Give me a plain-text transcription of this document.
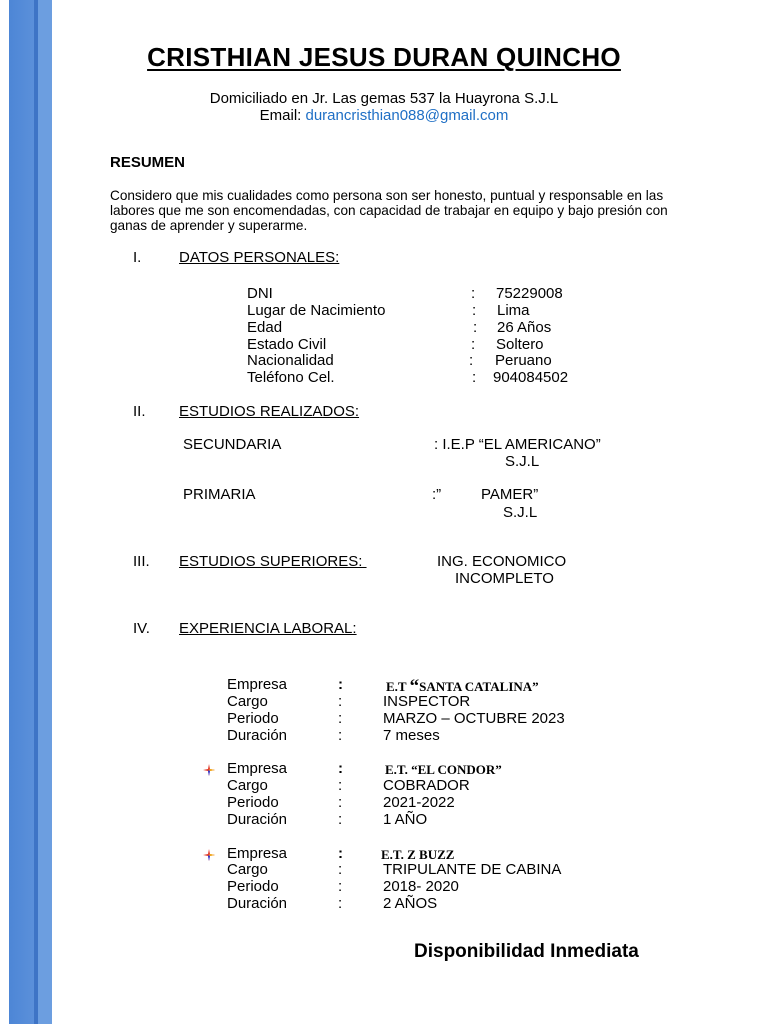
CRISTHIAN JESUS DURAN QUINCHO
Domiciliado en Jr. Las gemas 537 la Huayrona S.J.L
Email: durancristhian088@gmail.com
RESUMEN
Considero que mis cualidades como persona son ser honesto, puntual y responsable en las labores que me son encomendadas, con capacidad de trabajar en equipo y bajo presión con ganas de aprender y superarme.
I.	DATOS PERSONALES:
DNI	: 75229008
Lugar de Nacimiento	: Lima
Edad	: 26 Años
Estado Civil	: Soltero
Nacionalidad	: Peruano
Teléfono Cel.	: 904084502
II. ESTUDIOS REALIZADOS:
SECUNDARIA	: I.E.P “EL AMERICANO”
S.J.L
PRIMARIA	:”	PAMER”
S.J.L
III. ESTUDIOS SUPERIORES:	ING. ECONOMICO
INCOMPLETO
IV. EXPERIENCIA LABORAL:
Empresa	:	E.T “SANTA CATALINA”
Cargo	:	INSPECTOR
Periodo	:	MARZO – OCTUBRE 2023
Duración	:	7 meses
Empresa	:	E.T. “EL CONDOR”
Cargo	:	COBRADOR
Periodo	:	2021-2022
Duración	:	1 AÑO
Empresa	:	E.T. Z BUZZ
Cargo	:	TRIPULANTE DE CABINA
Periodo	:	2018- 2020
Duración	:	2 AÑOS
Disponibilidad Inmediata
